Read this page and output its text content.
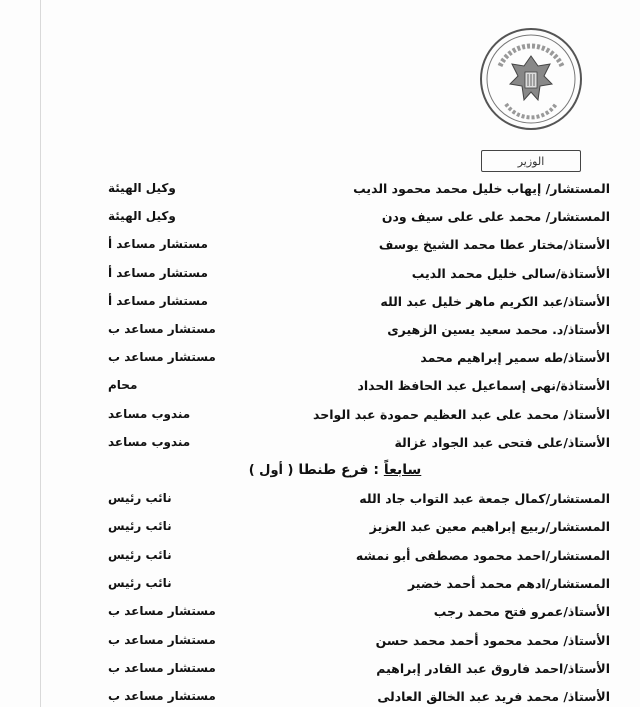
الوزير
المستشار/ إيهاب خليل محمد محمود الديب
وكيل الهيئة
المستشار/ محمد على على سيف ودن
وكيل الهيئة
الأستاذ/مختار عطا محمد الشيخ يوسف
مستشار مساعد أ
الأستاذة/سالى خليل محمد الديب
مستشار مساعد أ
الأستاذ/عبد الكريم ماهر خليل عبد الله
مستشار مساعد أ
الأستاذ/د. محمد سعيد يسين الزهيرى
مستشار مساعد ب
الأستاذ/طه سمير إبراهيم محمد
مستشار مساعد ب
الأستاذة/نهى إسماعيل عبد الحافظ الحداد
محام
الأستاذ/ محمد على عبد العظيم حمودة عبد الواحد
مندوب مساعد
الأستاذ/على فتحى عبد الجواد غزالة
مندوب مساعد
سابعاً : فرع طنطا ( أول )
المستشار/كمال جمعة عبد التواب جاد الله
نائب رئيس
المستشار/ربيع إبراهيم معين عبد العزيز
نائب رئيس
المستشار/احمد محمود مصطفى أبو نمشه
نائب رئيس
المستشار/ادهم محمد أحمد خضير
نائب رئيس
الأستاذ/عمرو فتح محمد رجب
مستشار مساعد ب
الأستاذ/ محمد محمود أحمد محمد حسن
مستشار مساعد ب
الأستاذ/احمد فاروق عبد القادر إبراهيم
مستشار مساعد ب
الأستاذ/ محمد فريد عبد الخالق العادلى
مستشار مساعد ب
